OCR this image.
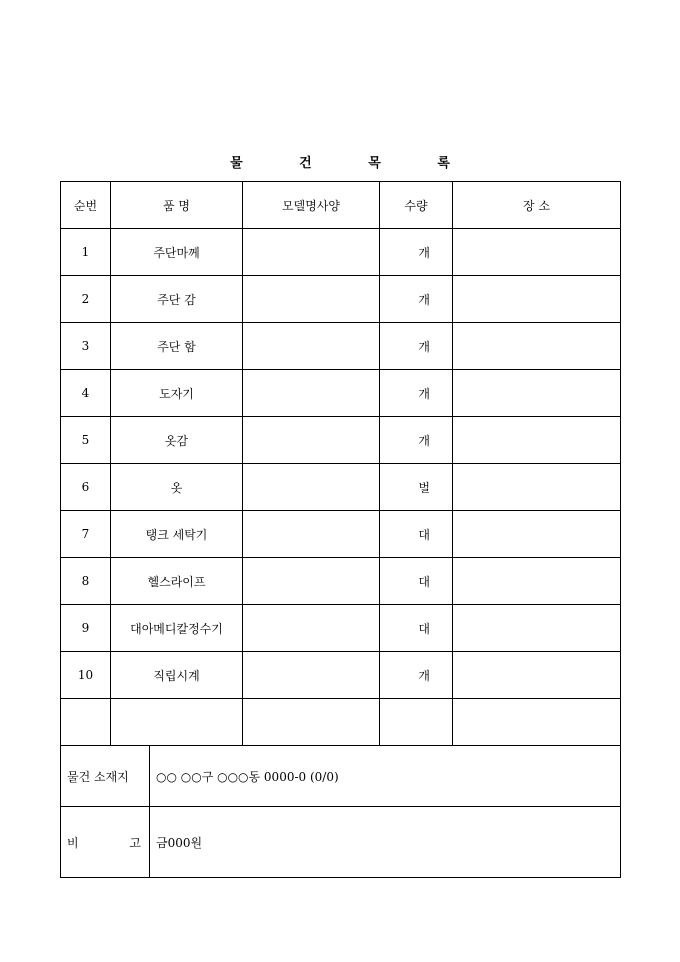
물 건 목 록
순번	품 명		모델명사양	수량	장 소
1	주단마께			개	
2	주단 감			개	
3	주단 함			개	
4	도자기			개	
5	옷감			개	
6	옷			벌	
7	탱크 세탁기			대	
8	헬스라이프			대	
9	대아메디칼정수기			대	
10	직립시계			개	

물건 소재지		○○ ○○구 ○○○동 0000-0 (0/0)			
비 고		금000원			
